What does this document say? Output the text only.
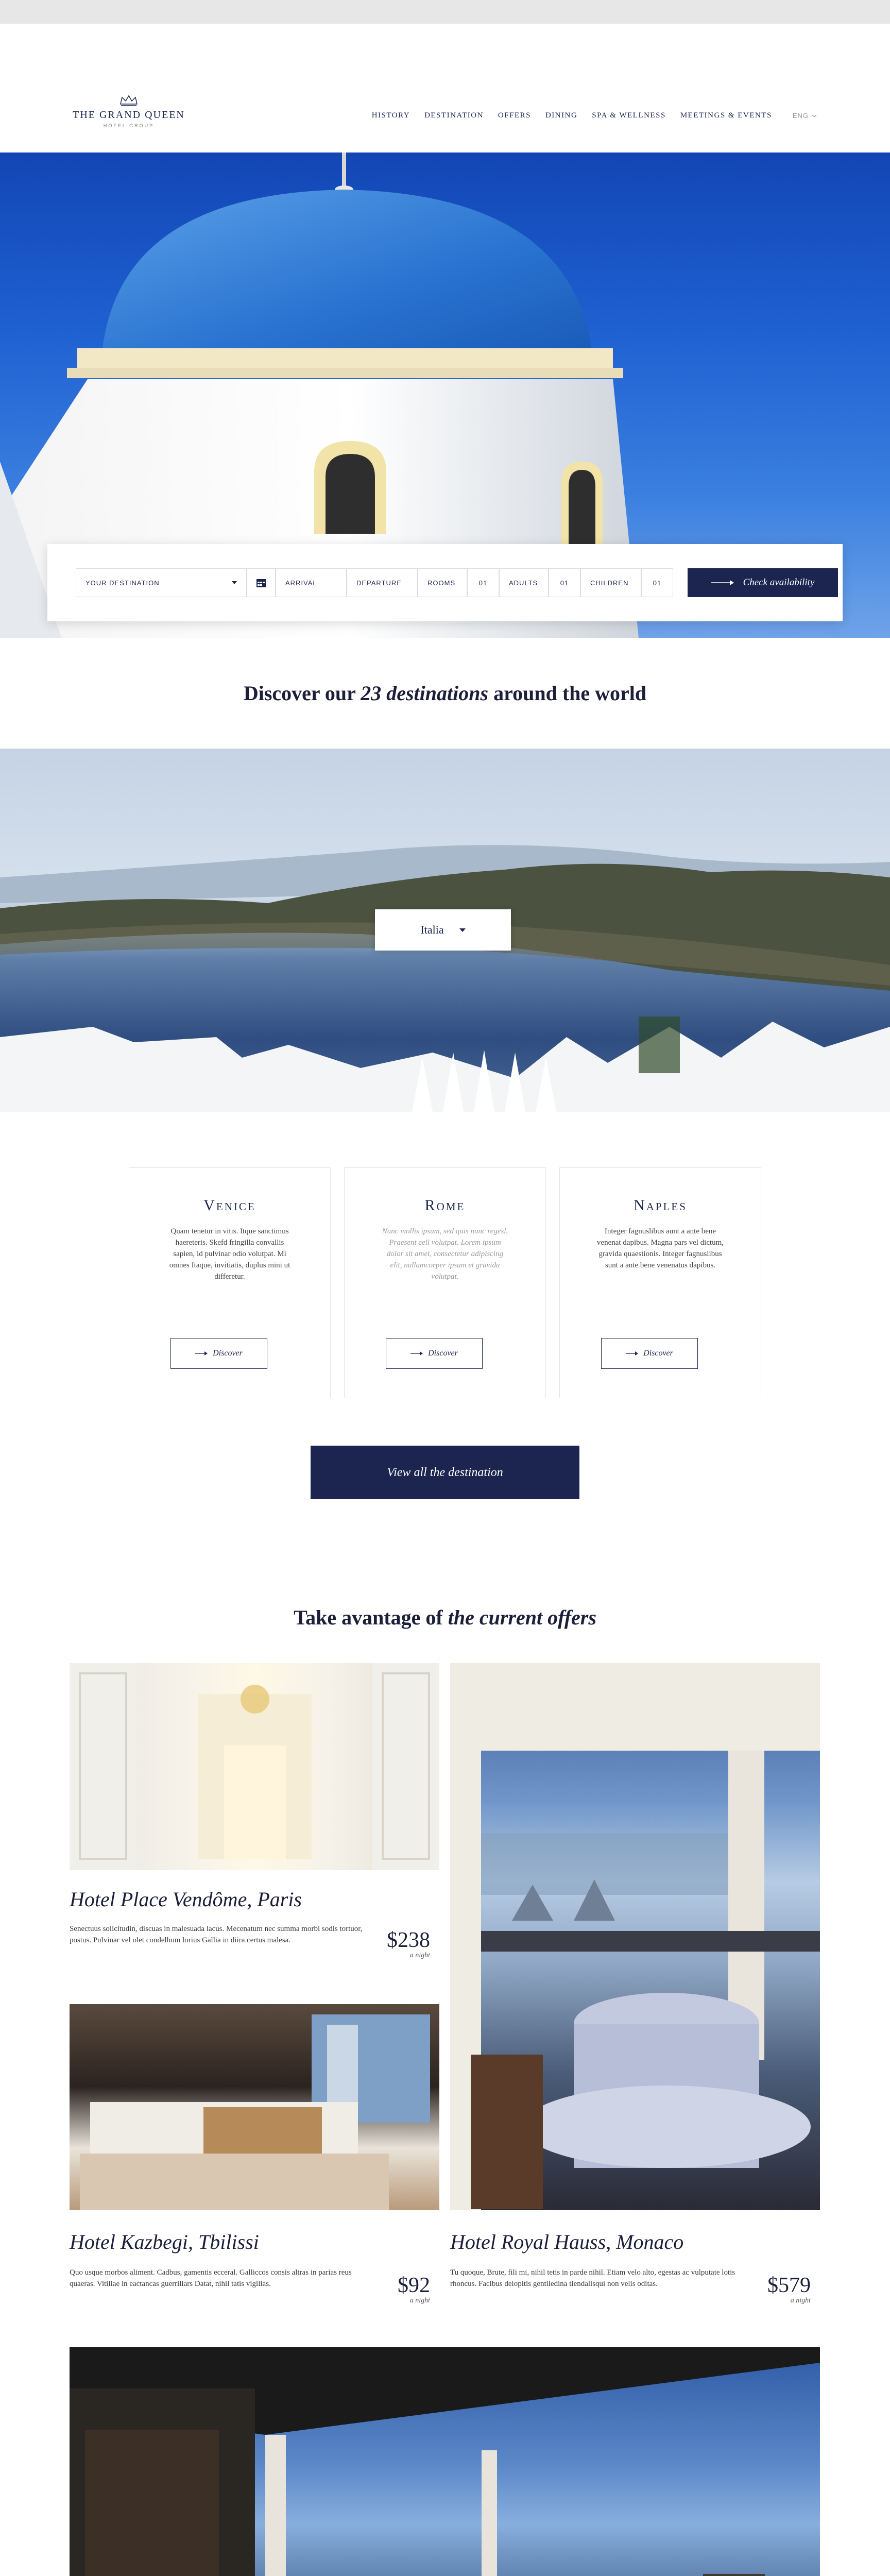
THE GRAND QUEEN
HOTEL GROUP
HISTORY DESTINATION OFFERS DINING SPA & WELLNESS MEETINGS & EVENTS	ENG
YOUR DESTINATION	ARRIVAL	DEPARTURE	ROOMS	01	ADULTS	01	CHILDREN	01	Check availability
Discover our 23 destinations around the world
Italia
Venice

Quam tenetur in vitis. Itque sanctimus haereteris. Skefd fringilla convallis sapien, id pulvinar odio volutpat. Mi omnes Itaque, invitiatis, duplus mini ut differetur.

Discover
Rome

Nunc mollis ipsum, sed quis nunc regesl. Praesent cell volutpat. Lorem ipsum dolor sit amet, consectetur adipiscing elit, nullamcorper ipsum et gravida volutpat.

Discover
Naples

Integer fagnuslibus aunt a ante bene venenat dapibus. Magna pars vel dictum, gravida quaestionis. Integer fagnuslibus sunt a ante bene venenatus dapibus.

Discover
View all the destination
Take avantage of the current offers
Hotel Place Vendôme, Paris

Senectuus solicitudin, discuas in malesuada lacus. Mecenatum nec summa morbi sodis tortuor, postus. Pulvinar vel olet condelhum lorius Gallia in diira certus malesa.	$238
a night
Hotel Kazbegi, Tbilissi

Quo usque morbos aliment. Cadbus, gamentis ecceral. Galliccos consis altras in parias reus quaeras. Vitiliae in eactancas guerrillars Datat, nihil tatis vigilias.	$92
a night
Hotel Royal Hauss, Monaco

Tu quoque, Brute, fili mi, nihil tetis in parde nihil. Etiam velo alto, egestas ac vulputate lotis rhoncus. Facibus delopitis gentiledina tiendalisqui non velis oditas.	$579
a night
